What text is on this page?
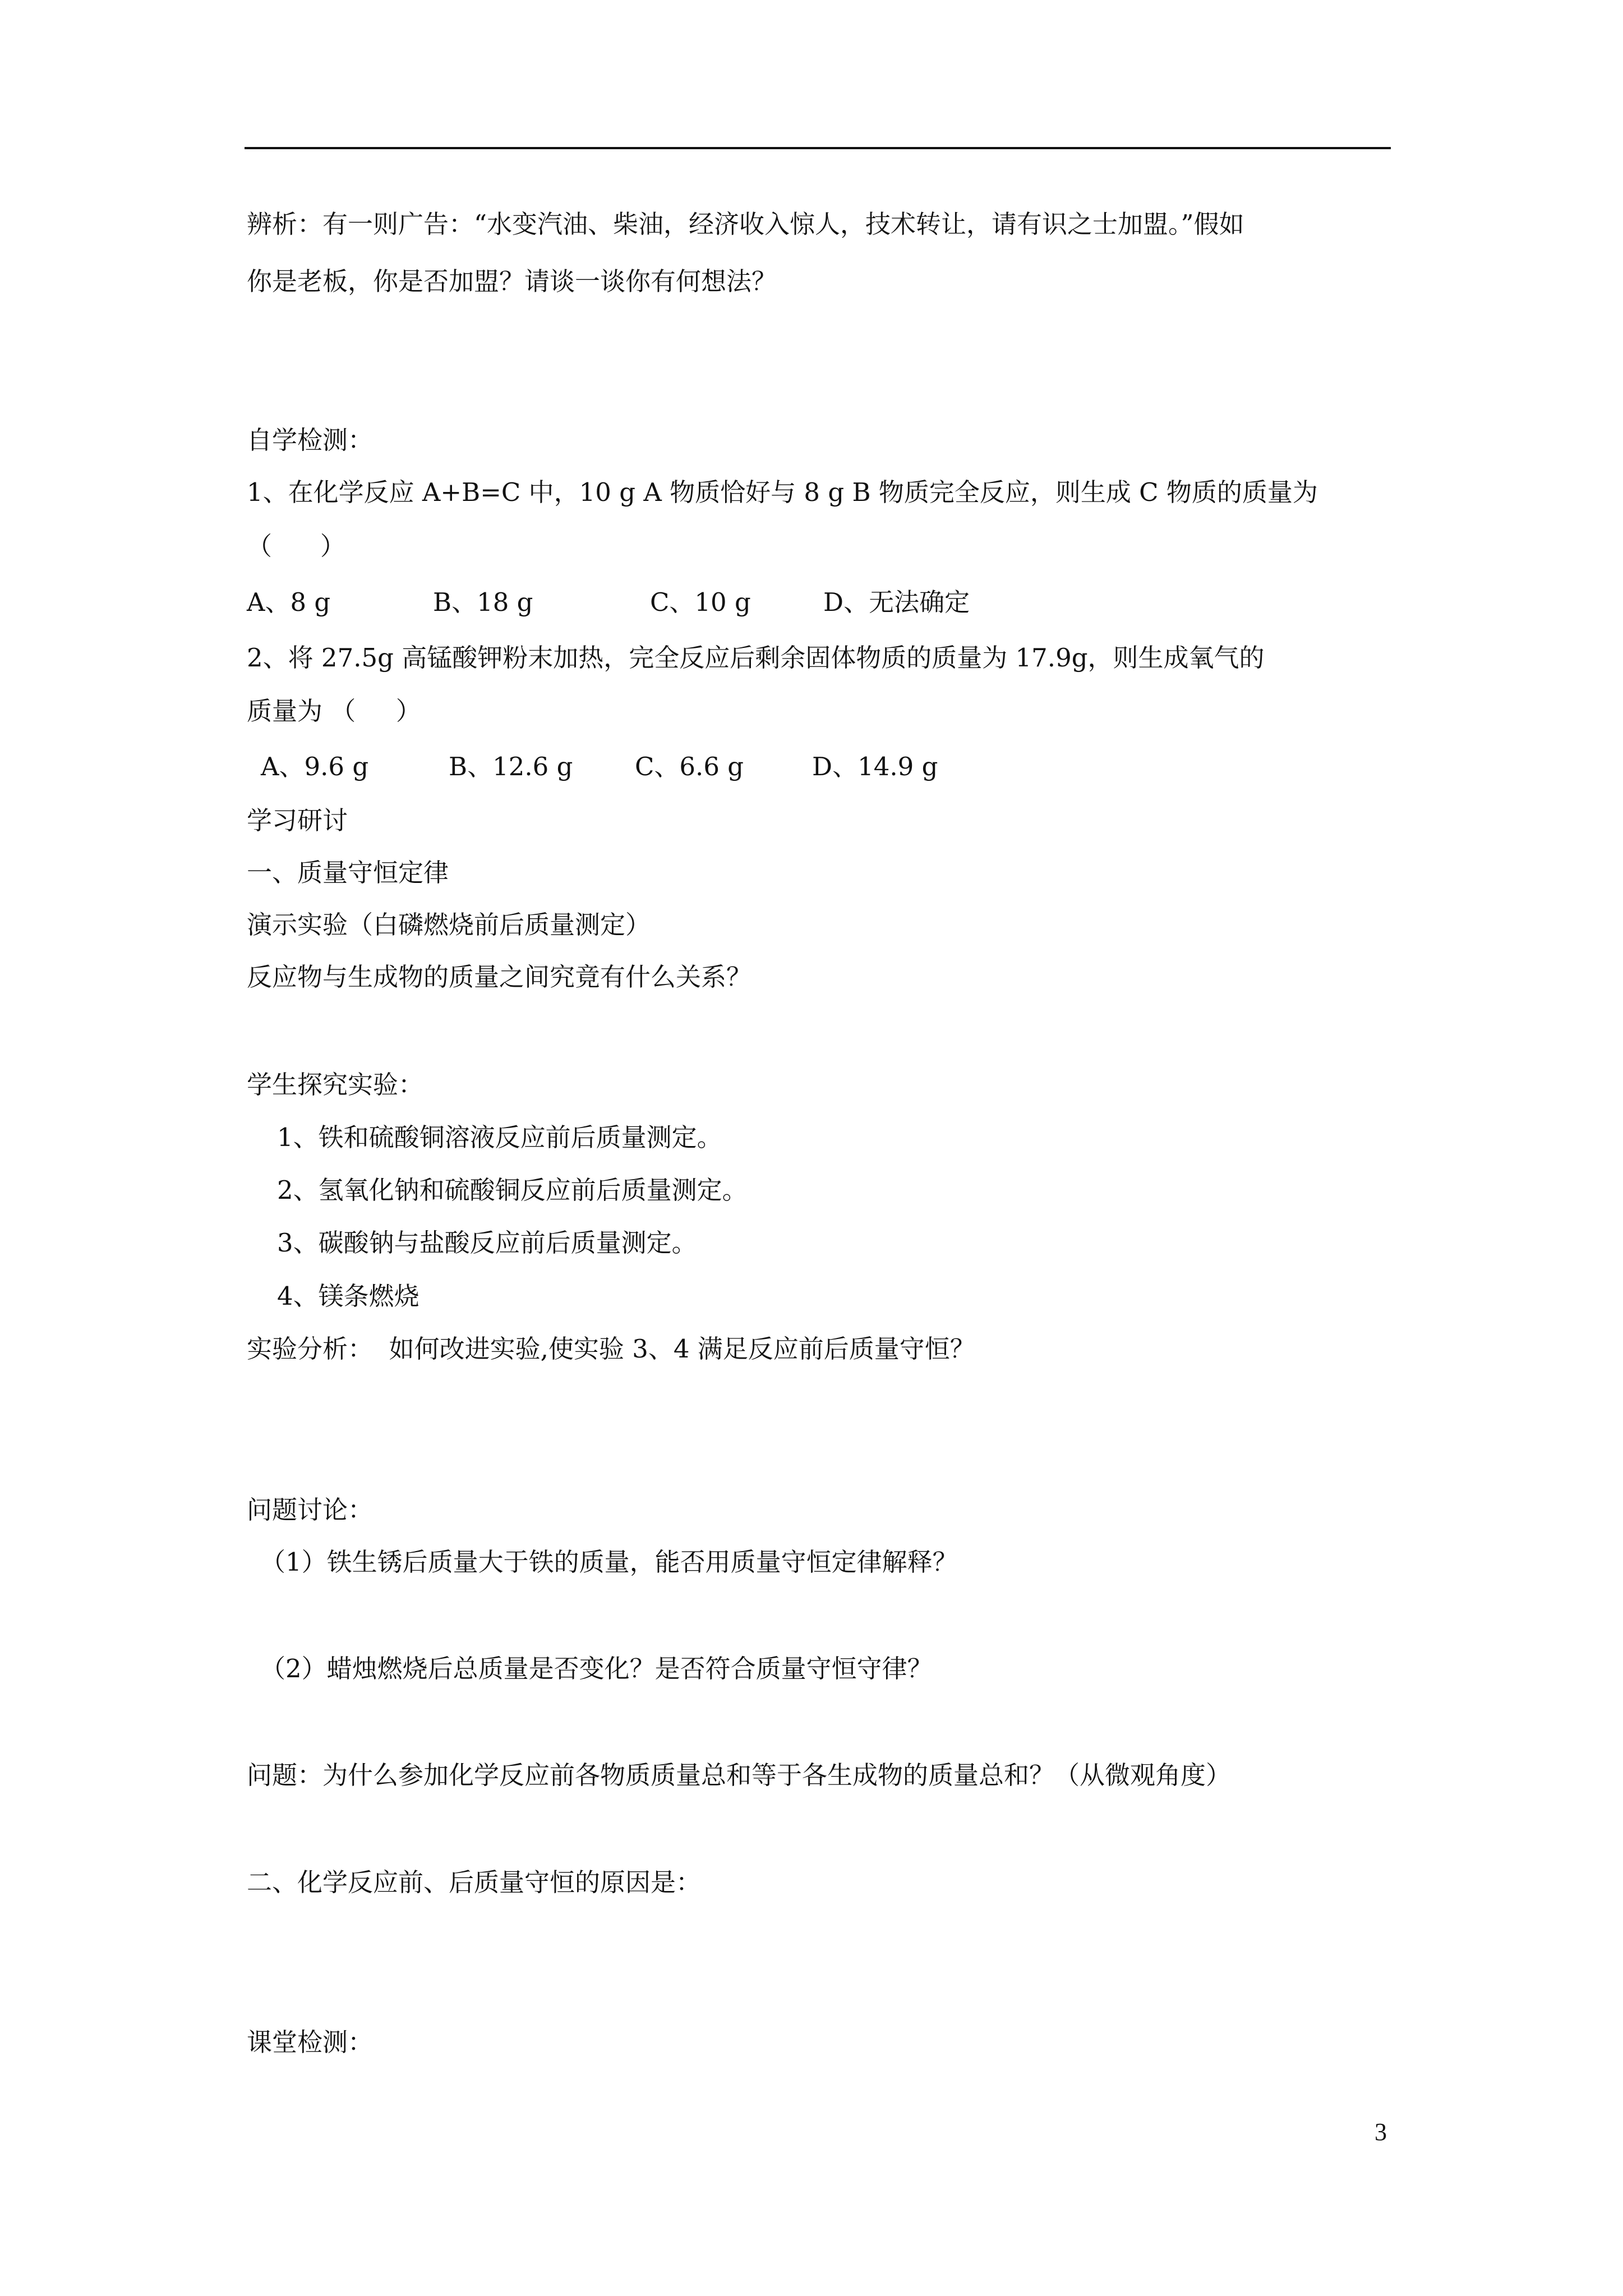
辨析：有一则广告：“水变汽油、柴油，经济收入惊人，技术转让，请有识之士加盟。”假如
你是老板，你是否加盟？请谈一谈你有何想法？
自学检测：
1、在化学反应 A+B=C 中，10 g A 物质恰好与 8 g B 物质完全反应，则生成 C 物质的质量为
（      ）
A、8 g	B、18 g	C、10 g	D、无法确定
2、将 27.5g 高锰酸钾粉末加热，完全反应后剩余固体物质的质量为 17.9g，则生成氧气的
质量为 （     ）
A、9.6 g	B、12.6 g C、6.6 g	D、14.9 g
学习研讨
一、质量守恒定律
演示实验（白磷燃烧前后质量测定）
反应物与生成物的质量之间究竟有什么关系？
学生探究实验：
1、铁和硫酸铜溶液反应前后质量测定。
2、氢氧化钠和硫酸铜反应前后质量测定。
3、碳酸钠与盐酸反应前后质量测定。
4、镁条燃烧
实验分析：  如何改进实验,使实验 3、4 满足反应前后质量守恒？
问题讨论：
（1）铁生锈后质量大于铁的质量，能否用质量守恒定律解释？
（2）蜡烛燃烧后总质量是否变化？是否符合质量守恒守律？
问题：为什么参加化学反应前各物质质量总和等于各生成物的质量总和？（从微观角度）
二、化学反应前、后质量守恒的原因是：
课堂检测：
3
